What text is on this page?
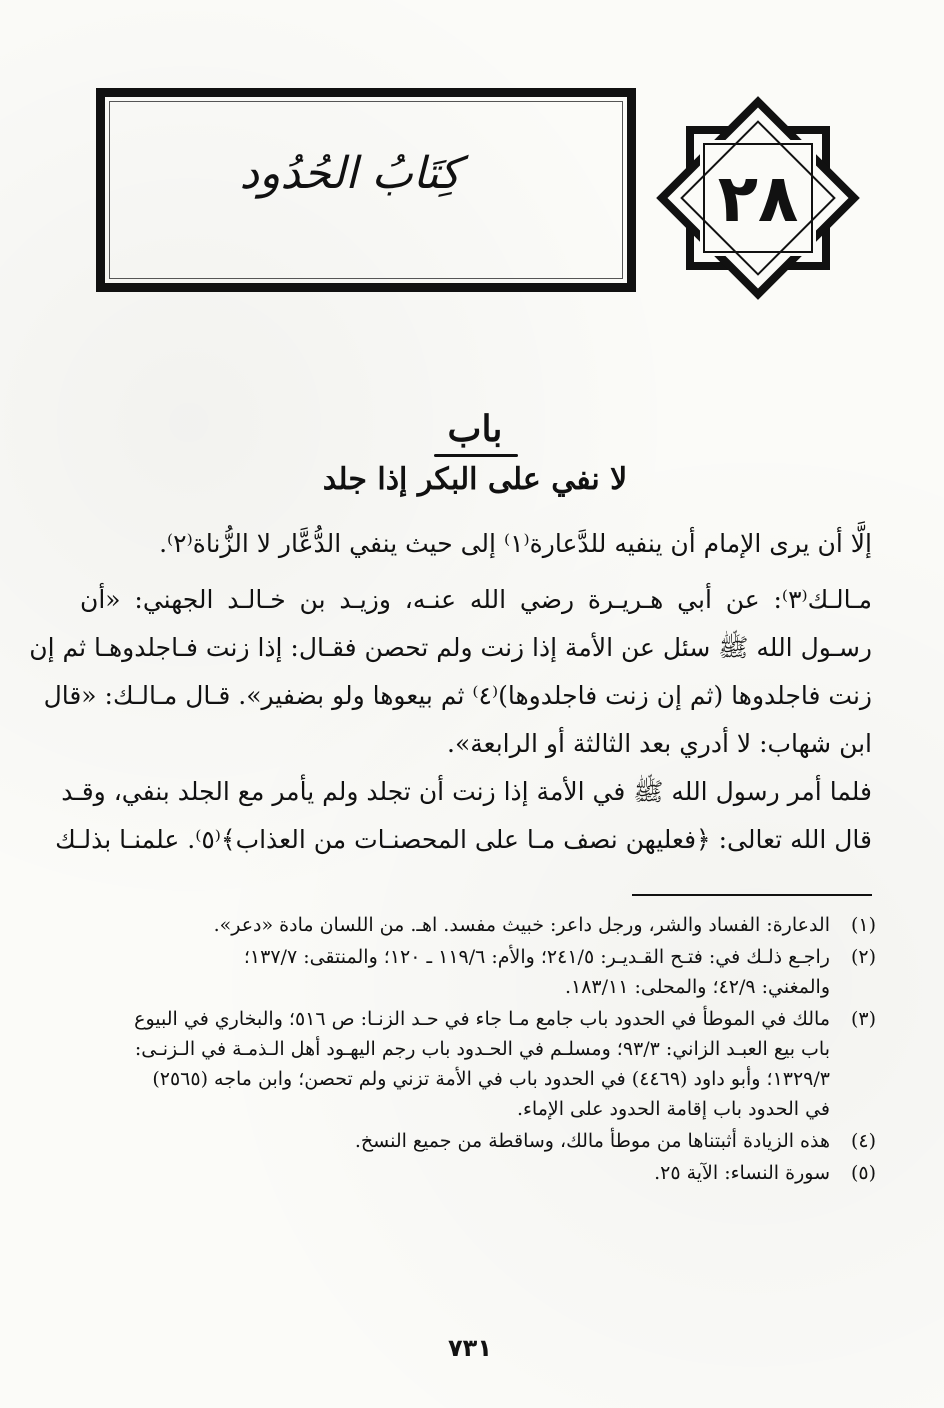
كِتَابُ الحُدُود	٢٨
باب
لا نفي على البكر إذا جلد
إلَّا أن يرى الإمام أن ينفيه للدَّعارة⁽١⁾ إلى حيث ينفي الدُّعَّار لا الزُّناة⁽٢⁾.
مـالـك⁽٣⁾: عن أبي هـريـرة رضي الله عنـه، وزيـد بن خـالـد الجهني: «أن
رسـول الله ﷺ سئل عن الأمة إذا زنت ولم تحصن فقـال: إذا زنت فـاجلدوهـا ثم إن
زنت فاجلدوها (ثم إن زنت فاجلدوها)⁽٤⁾ ثم بيعوها ولو بضفير». قـال مـالـك: «قال
ابن شهاب: لا أدري بعد الثالثة أو الرابعة».
فلما أمر رسول الله ﷺ في الأمة إذا زنت أن تجلد ولم يأمر مع الجلد بنفي، وقـد
قال الله تعالى: ﴿فعليهن نصف مـا على المحصنـات من العذاب﴾⁽٥⁾. علمنـا بذلـك
(١)
الدعارة: الفساد والشر، ورجل داعر: خبيث مفسد. اهـ. من اللسان مادة «دعر».
(٢)
راجـع ذلـك في: فتـح القـديـر: ٢٤١/٥؛ والأم: ١١٩/٦ ـ ١٢٠؛ والمنتقى: ١٣٧/٧؛
والمغني: ٤٢/٩؛ والمحلى: ١٨٣/١١.
(٣)
مالك في الموطأ في الحدود باب جامع مـا جاء في حـد الزنـا: ص ٥١٦؛ والبخاري في البيوع
باب بيع العبـد الزاني: ٩٣/٣؛ ومسلـم في الحـدود باب رجم اليهـود أهل الـذمـة في الـزنـى:
١٣٢٩/٣؛ وأبو داود (٤٤٦٩) في الحدود باب في الأمة تزني ولم تحصن؛ وابن ماجه (٢٥٦٥)
في الحدود باب إقامة الحدود على الإماء.
(٤)
هذه الزيادة أثبتناها من موطأ مالك، وساقطة من جميع النسخ.
(٥)
سورة النساء: الآية ٢٥.
٧٣١
